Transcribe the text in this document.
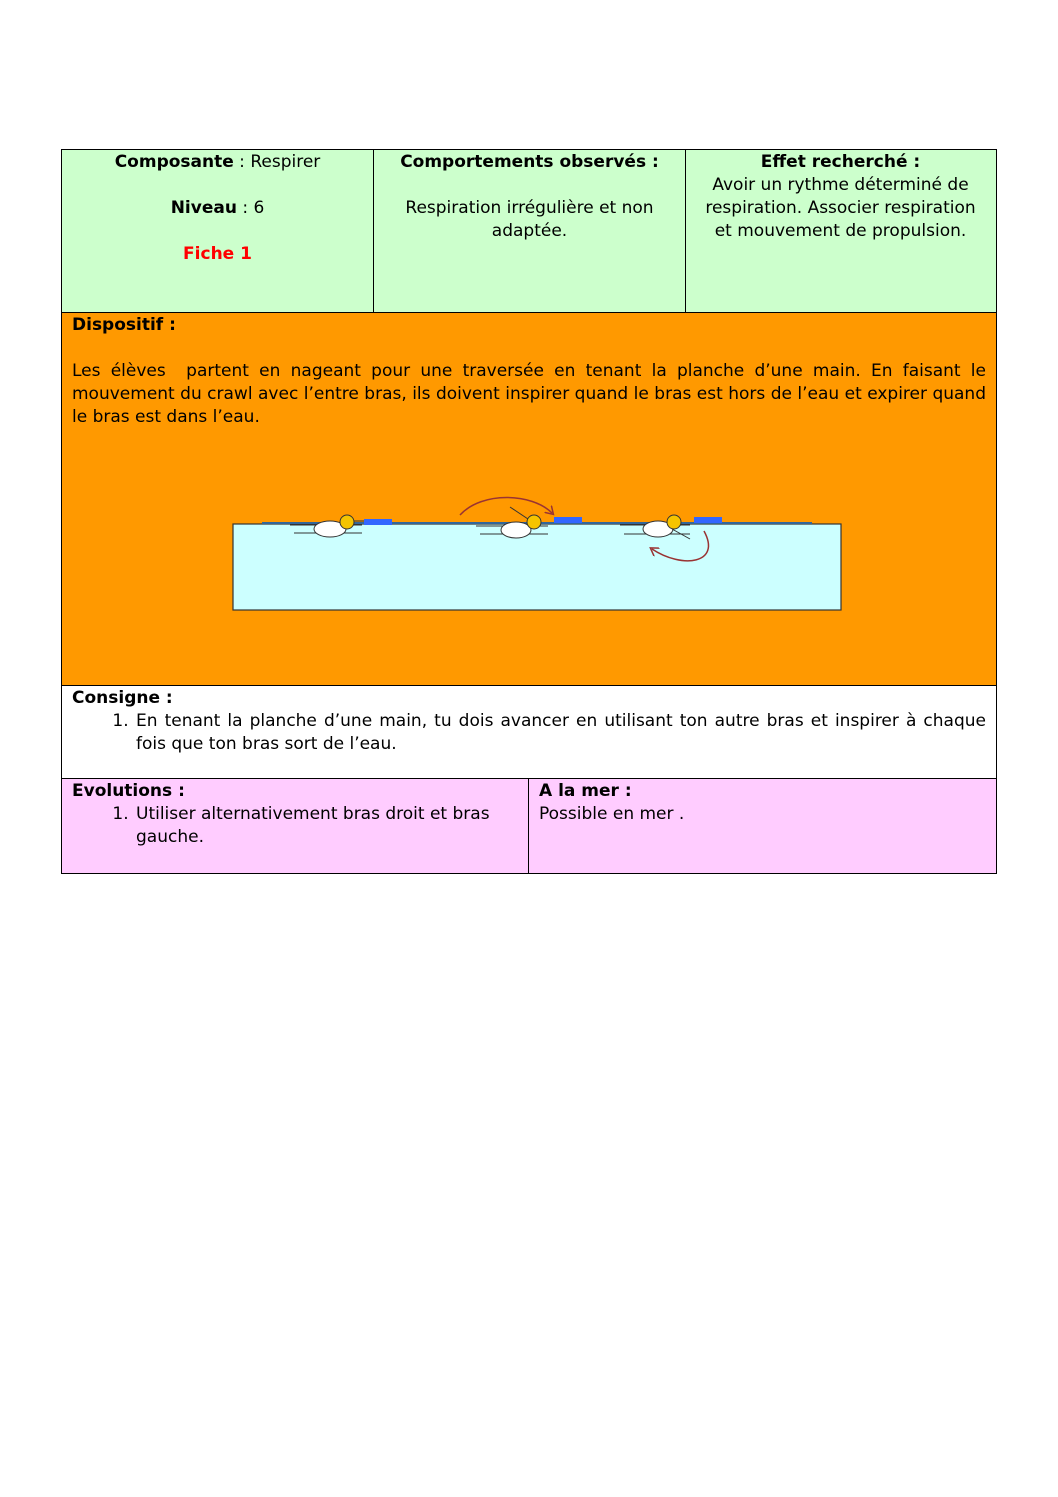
Composante : Respirer

Niveau : 6

Fiche 1

Comportements observés :

Respiration irrégulière et non adaptée.

Effet recherché :

Avoir un rythme déterminé de respiration. Associer respiration et mouvement de propulsion.

Dispositif :

Les élèves  partent en nageant pour une traversée en tenant la planche d’une main. En faisant le mouvement du crawl avec l’entre bras, ils doivent inspirer quand le bras est hors de l’eau et expirer quand le bras est dans l’eau.

Consigne :

1. En tenant la planche d’une main, tu dois avancer en utilisant ton autre bras et inspirer à chaque fois que ton bras sort de l’eau.

Evolutions :

1. Utiliser alternativement bras droit et bras gauche.

A la mer :

Possible en mer .
